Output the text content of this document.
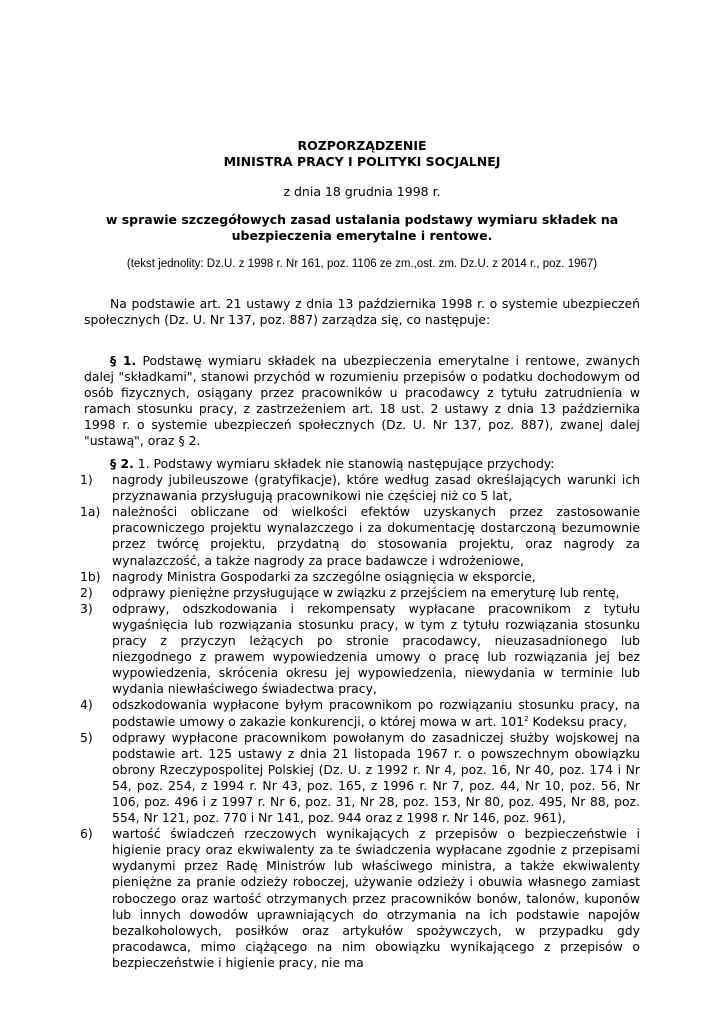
ROZPORZĄDZENIE
MINISTRA PRACY I POLITYKI SOCJALNEJ
z dnia 18 grudnia 1998 r.
w sprawie szczegółowych zasad ustalania podstawy wymiaru składek na
ubezpieczenia emerytalne i rentowe.
(tekst jednolity: Dz.U. z 1998 r. Nr 161, poz. 1106 ze zm.,ost. zm. Dz.U. z 2014 r., poz. 1967)
Na podstawie art. 21 ustawy z dnia 13 października 1998 r. o systemie ubezpieczeń społecznych (Dz. U. Nr 137, poz. 887) zarządza się, co następuje:
§ 1. Podstawę wymiaru składek na ubezpieczenia emerytalne i rentowe, zwanych dalej "składkami", stanowi przychód w rozumieniu przepisów o podatku dochodowym od osób fizycznych, osiągany przez pracowników u pracodawcy z tytułu zatrudnienia w ramach stosunku pracy, z zastrzeżeniem art. 18 ust. 2 ustawy z dnia 13 października 1998 r. o systemie ubezpieczeń społecznych (Dz. U. Nr 137, poz. 887), zwanej dalej "ustawą", oraz § 2.
§ 2. 1. Podstawy wymiaru składek nie stanowią następujące przychody:
1) nagrody jubileuszowe (gratyfikacje), które według zasad określających warunki ich przyznawania przysługują pracownikowi nie częściej niż co 5 lat,
1a) należności obliczane od wielkości efektów uzyskanych przez zastosowanie pracowniczego projektu wynalazczego i za dokumentację dostarczoną bezumownie przez twórcę projektu, przydatną do stosowania projektu, oraz nagrody za wynalazczość, a także nagrody za prace badawcze i wdrożeniowe,
1b) nagrody Ministra Gospodarki za szczególne osiągnięcia w eksporcie,
2) odprawy pieniężne przysługujące w związku z przejściem na emeryturę lub rentę,
3) odprawy, odszkodowania i rekompensaty wypłacane pracownikom z tytułu wygaśnięcia lub rozwiązania stosunku pracy, w tym z tytułu rozwiązania stosunku pracy z przyczyn leżących po stronie pracodawcy, nieuzasadnionego lub niezgodnego z prawem wypowiedzenia umowy o pracę lub rozwiązania jej bez wypowiedzenia, skrócenia okresu jej wypowiedzenia, niewydania w terminie lub wydania niewłaściwego świadectwa pracy,
4) odszkodowania wypłacone byłym pracownikom po rozwiązaniu stosunku pracy, na podstawie umowy o zakazie konkurencji, o której mowa w art. $101^2$ Kodeksu pracy,
5) odprawy wypłacone pracownikom powołanym do zasadniczej służby wojskowej na podstawie art. 125 ustawy z dnia 21 listopada 1967 r. o powszechnym obowiązku obrony Rzeczypospolitej Polskiej (Dz. U. z 1992 r. Nr 4, poz. 16, Nr 40, poz. 174 i Nr 54, poz. 254, z 1994 r. Nr 43, poz. 165, z 1996 r. Nr 7, poz. 44, Nr 10, poz. 56, Nr 106, poz. 496 i z 1997 r. Nr 6, poz. 31, Nr 28, poz. 153, Nr 80, poz. 495, Nr 88, poz. 554, Nr 121, poz. 770 i Nr 141, poz. 944 oraz z 1998 r. Nr 146, poz. 961),
6) wartość świadczeń rzeczowych wynikających z przepisów o bezpieczeństwie i higienie pracy oraz ekwiwalenty za te świadczenia wypłacane zgodnie z przepisami wydanymi przez Radę Ministrów lub właściwego ministra, a także ekwiwalenty pieniężne za pranie odzieży roboczej, używanie odzieży i obuwia własnego zamiast roboczego oraz wartość otrzymanych przez pracowników bonów, talonów, kuponów lub innych dowodów uprawniających do otrzymania na ich podstawie napojów bezalkoholowych, posiłków oraz artykułów spożywczych, w przypadku gdy pracodawca, mimo ciążącego na nim obowiązku wynikającego z przepisów o bezpieczeństwie i higienie pracy, nie ma
